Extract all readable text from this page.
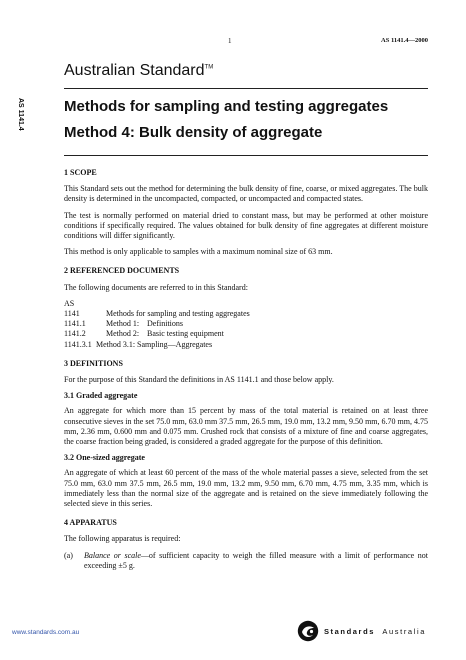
1	AS 1141.4—2000
Australian Standard™
AS 1141.4	Methods for sampling and testing aggregates
Method 4: Bulk density of aggregate
1 SCOPE

This Standard sets out the method for determining the bulk density of fine, coarse, or mixed aggregates. The bulk density is determined in the uncompacted, compacted, or uncompacted and compacted states.

The test is normally performed on material dried to constant mass, but may be performed at other moisture conditions if specifically required. The values obtained for bulk density of fine aggregates at different moisture conditions will differ significantly.

This method is only applicable to samples with a maximum nominal size of 63 mm.

2 REFERENCED DOCUMENTS

The following documents are referred to in this Standard:

AS
1141	Methods for sampling and testing aggregates
1141.1	Method 1: Definitions
1141.2	Method 2: Basic testing equipment
1141.3.1 Method 3.1: Sampling—Aggregates
3 DEFINITIONS

For the purpose of this Standard the definitions in AS 1141.1 and those below apply.

3.1 Graded aggregate

An aggregate for which more than 15 percent by mass of the total material is retained on at least three consecutive sieves in the set 75.0 mm, 63.0 mm 37.5 mm, 26.5 mm, 19.0 mm, 13.2 mm, 9.50 mm, 6.70 mm, 4.75 mm, 2.36 mm, 0.600 mm and 0.075 mm. Crushed rock that consists of a mixture of fine and coarse aggregates, the coarse fraction being graded, is considered a graded aggregate for the purpose of this definition.

3.2 One-sized aggregate

An aggregate of which at least 60 percent of the mass of the whole material passes a sieve, selected from the set 75.0 mm, 63.0 mm 37.5 mm, 26.5 mm, 19.0 mm, 13.2 mm, 9.50 mm, 6.70 mm, 4.75 mm, 3.35 mm, which is immediately less than the normal size of the aggregate and is retained on the sieve immediately following the selected sieve in this series.

4 APPARATUS

The following apparatus is required:

(a)	Balance or scale—of sufficient capacity to weigh the filled measure with a limit of performance not exceeding ±5 g.
www.standards.com.au	Standards Australia
